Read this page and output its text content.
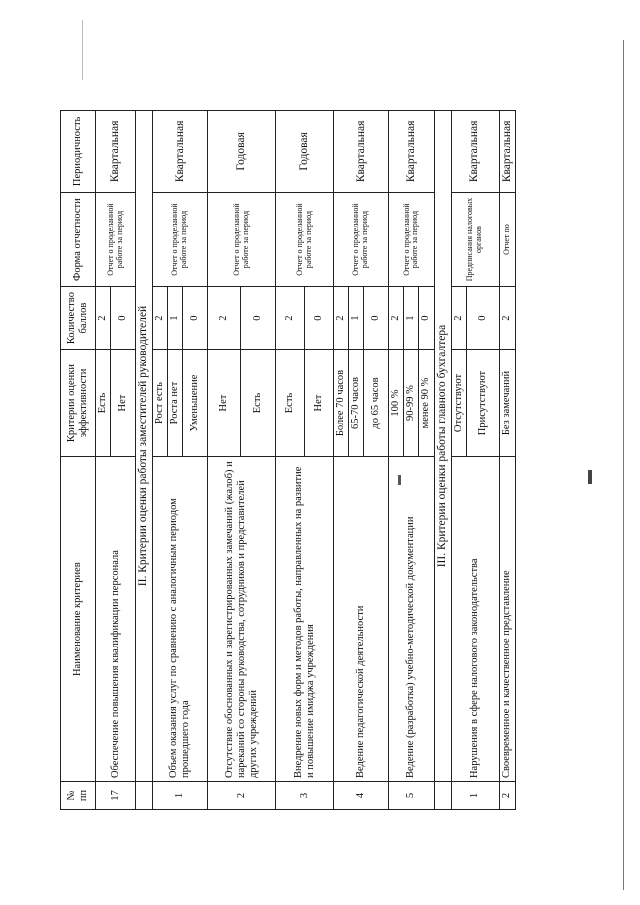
№ пп	Наименование критериев	Критерии оценки эффективности	Количество баллов	Форма отчетности	Периодичность
17	Обеспечение повышения квалификации персонала	Есть	2	Отчет о проделанной работе за период	Квартальная
		Нет	0		
	II. Критерии оценки работы заместителей руководителей				
1	Объем оказания услуг по сравнению с аналогичным периодом прошедшего года	Рост есть	2	Отчет о проделанной работе за период	Квартальная
		Роста нет	1		
		Уменьшение	0		
2	Отсутствие обоснованных и зарегистрированных замечаний (жалоб) и нареканий со стороны руководства, сотрудников и представителей других учреждений	Нет	2	Отчет о проделанной работе за период	Годовая
		Есть	0		
3	Внедрение новых форм и методов работы, направленных на развитие и повышение имиджа учреждения	Есть	2	Отчет о проделанной работе за период	Годовая
		Нет	0		
4	Ведение педагогической деятельности	Более 70 часов	2	Отчет о проделанной работе за период	Квартальная
		65-70 часов	1		
		до 65 часов	0		
5	Ведение (разработка) учебно-методической документации	100 %	2	Отчет о проделанной работе за период	Квартальная
		90-99 %	1		
		менее 90 %	0		
	III. Критерии оценки работы главного бухгалтера				
1	Нарушения в сфере налогового законодательства	Отсутствуют	2	Предписания налоговых органов	Квартальная
		Присутствуют	0		
2	Своевременное и качественное представление	Без замечаний	2	Отчет по	Квартальная
